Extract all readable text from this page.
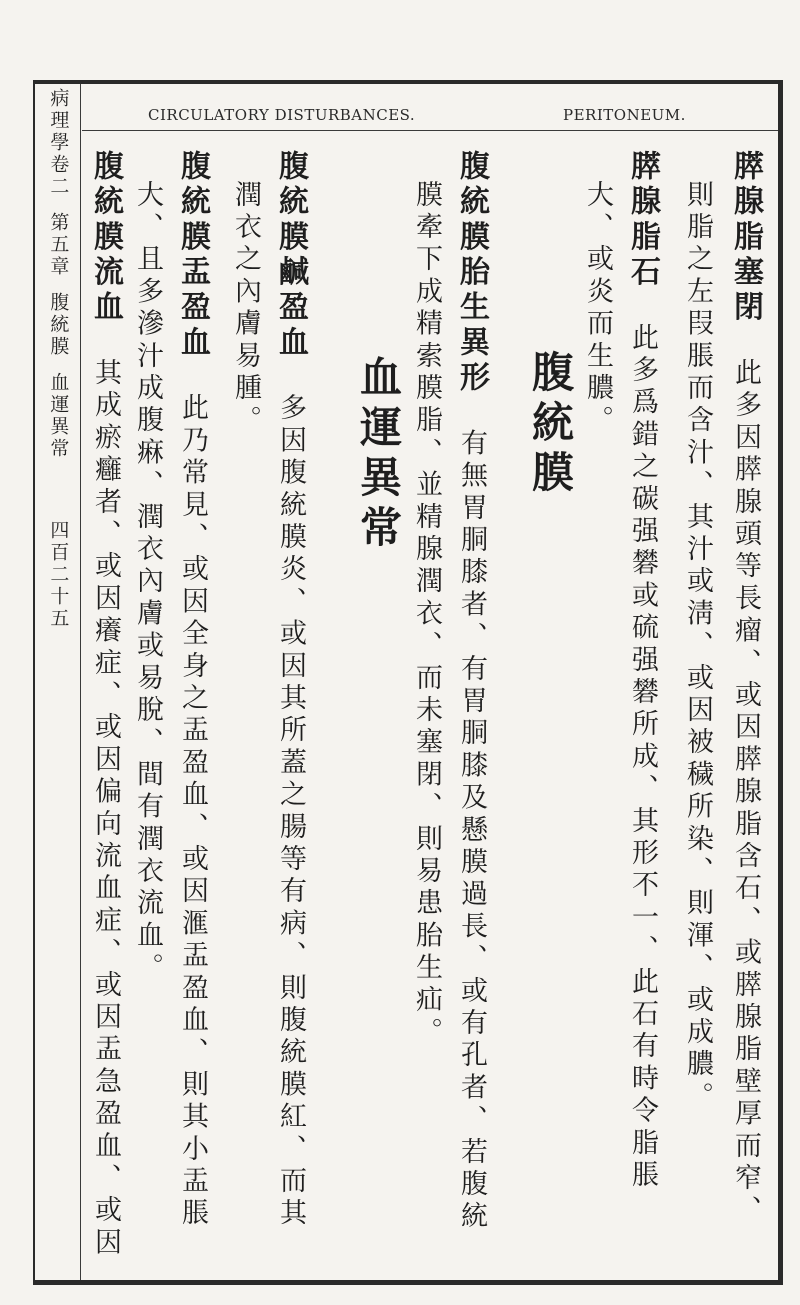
CIRCULATORY DISTURBANCES.	PERITONEUM.
病理學卷二
第五章
腹統膜
血運異常
四百二十五
膵腺脂塞閉　此多因膵腺頭等長瘤、或因膵腺脂含石、或膵腺脂壁厚而窄、
則脂之左叚脹而含汁、其汁或淸、或因被穢所染、則渾、或成膿。
膵腺脂石　此多爲錯之碳强礬或硫强礬所成、其形不一、此石有時令脂脹
大、或炎而生膿。
腹統膜
腹統膜胎生異形　有無胃胴膝者、有胃胴膝及懸膜過長、或有孔者、若腹統
膜牽下成精索膜脂、並精腺潤衣、而未塞閉、則易患胎生疝。
血運異常
腹統膜鹹盈血　多因腹統膜炎、或因其所蓋之腸等有病、則腹統膜紅、而其
潤衣之內膚易腫。
腹統膜盂盈血　此乃常見、或因全身之盂盈血、或因滙盂盈血、則其小盂脹
大、且多滲汁成腹痳、潤衣內膚或易脫、間有潤衣流血。
腹統膜流血　其成瘀癰者、或因癢症、或因偏向流血症、或因盂急盈血、或因
